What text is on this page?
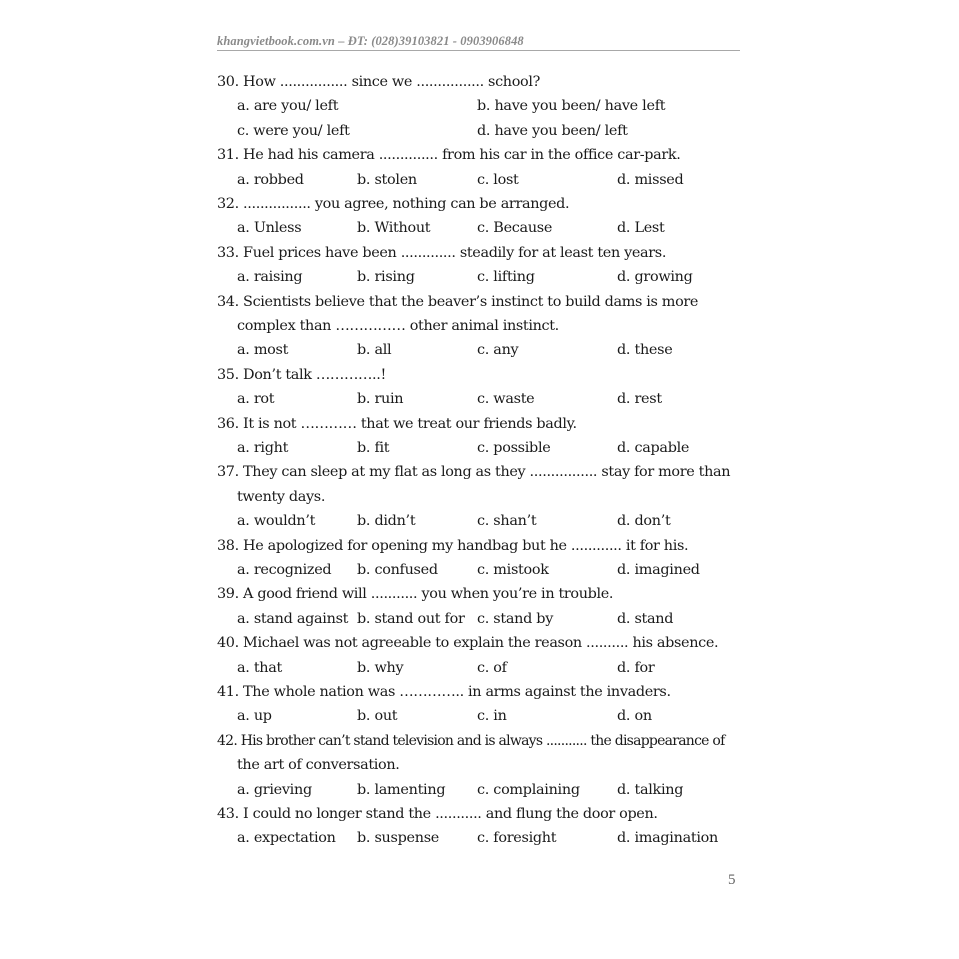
khangvietbook.com.vn – ĐT: (028)39103821 - 0903906848
30. How ................ since we ................ school?
a. are you/ left	b. have you been/ have left
c. were you/ left	d. have you been/ left
31. He had his camera .............. from his car in the office car-park.
a. robbed	b. stolen	c. lost	d. missed
32. ................ you agree, nothing can be arranged.
a. Unless	b. Without	c. Because	d. Lest
33. Fuel prices have been ............. steadily for at least ten years.
a. raising	b. rising	c. lifting	d. growing
34. Scientists believe that the beaver’s instinct to build dams is more
complex than …………… other animal instinct.
a. most	b. all	c. any	d. these
35. Don’t talk …………..!
a. rot	b. ruin	c. waste	d. rest
36. It is not ………… that we treat our friends badly.
a. right	b. fit	c. possible	d. capable
37. They can sleep at my flat as long as they ................ stay for more than
twenty days.
a. wouldn’t	b. didn’t	c. shan’t	d. don’t
38. He apologized for opening my handbag but he ............ it for his.
a. recognized b. confused	c. mistook	d. imagined
39. A good friend will ........... you when you’re in trouble.
a. stand against b. stand out for c. stand by	d. stand
40. Michael was not agreeable to explain the reason .......... his absence.
a. that	b. why	c. of	d. for
41. The whole nation was ………….. in arms against the invaders.
a. up	b. out	c. in	d. on
42. His brother can’t stand television and is always ........... the disappearance of
the art of conversation.
a. grieving	b. lamenting c. complaining	d. talking
43. I could no longer stand the ........... and flung the door open.
a. expectation b. suspense	c. foresight	d. imagination
5
